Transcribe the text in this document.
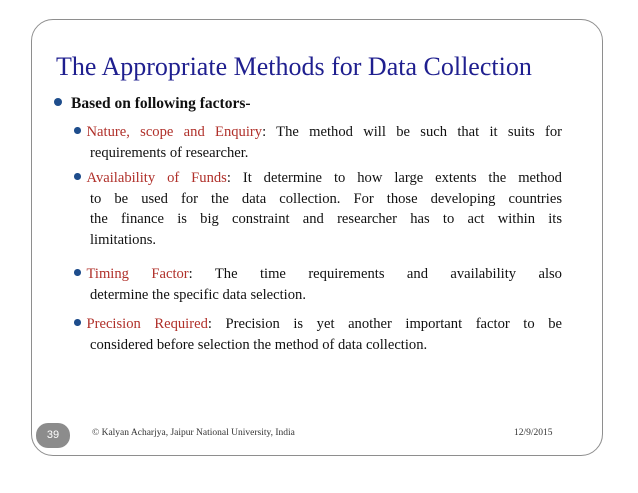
The Appropriate Methods for Data Collection
Based on following factors-
Nature, scope and Enquiry: The method will be such that it suits for
requirements of researcher.
Availability of Funds: It determine to how large extents the method
to be used for the data collection. For those developing countries
the finance is big constraint and researcher has to act within its
limitations.
Timing Factor: The time requirements and availability also
determine the specific data selection.
Precision Required: Precision is yet another important factor to be
considered before selection the method of data collection.
39	© Kalyan Acharjya, Jaipur National University, India	12/9/2015
